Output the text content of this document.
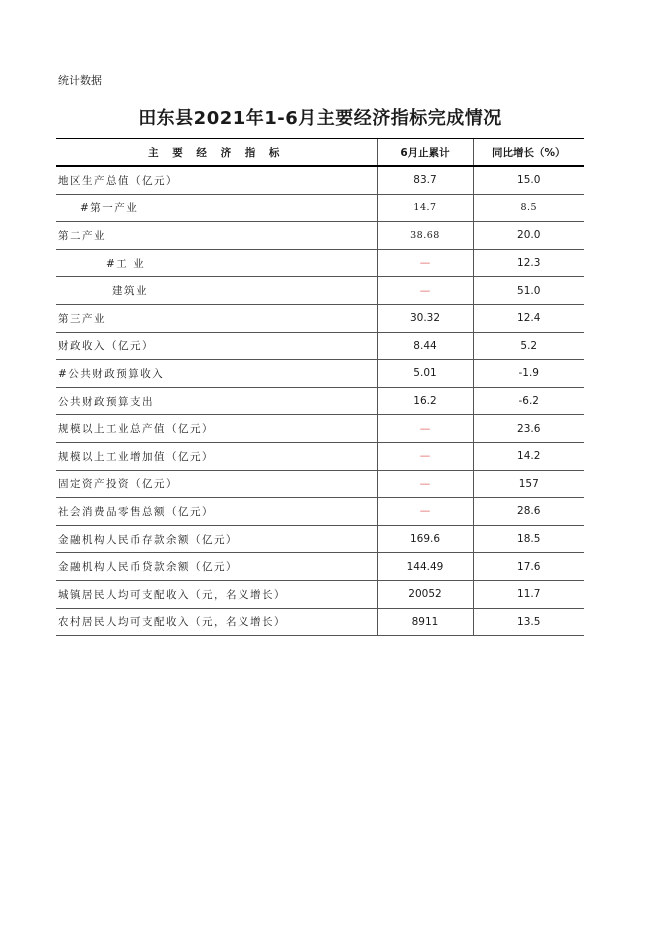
统计数据
田东县2021年1-6月主要经济指标完成情况
主 要 经 济 指 标	6月止累计	同比增长（%）
地区生产总值（亿元）	83.7	15.0
#第一产业	14.7	8.5
第二产业	38.68	20.0
#工 业	—	12.3
建筑业	—	51.0
第三产业	30.32	12.4
财政收入（亿元）	8.44	5.2
#公共财政预算收入	5.01	-1.9
公共财政预算支出	16.2	-6.2
规模以上工业总产值（亿元）	—	23.6
规模以上工业增加值（亿元）	—	14.2
固定资产投资（亿元）	—	157
社会消费品零售总额（亿元）	—	28.6
金融机构人民币存款余额（亿元）	169.6	18.5
金融机构人民币贷款余额（亿元）	144.49	17.6
城镇居民人均可支配收入（元，名义增长）	20052	11.7
农村居民人均可支配收入（元，名义增长）	8911	13.5
